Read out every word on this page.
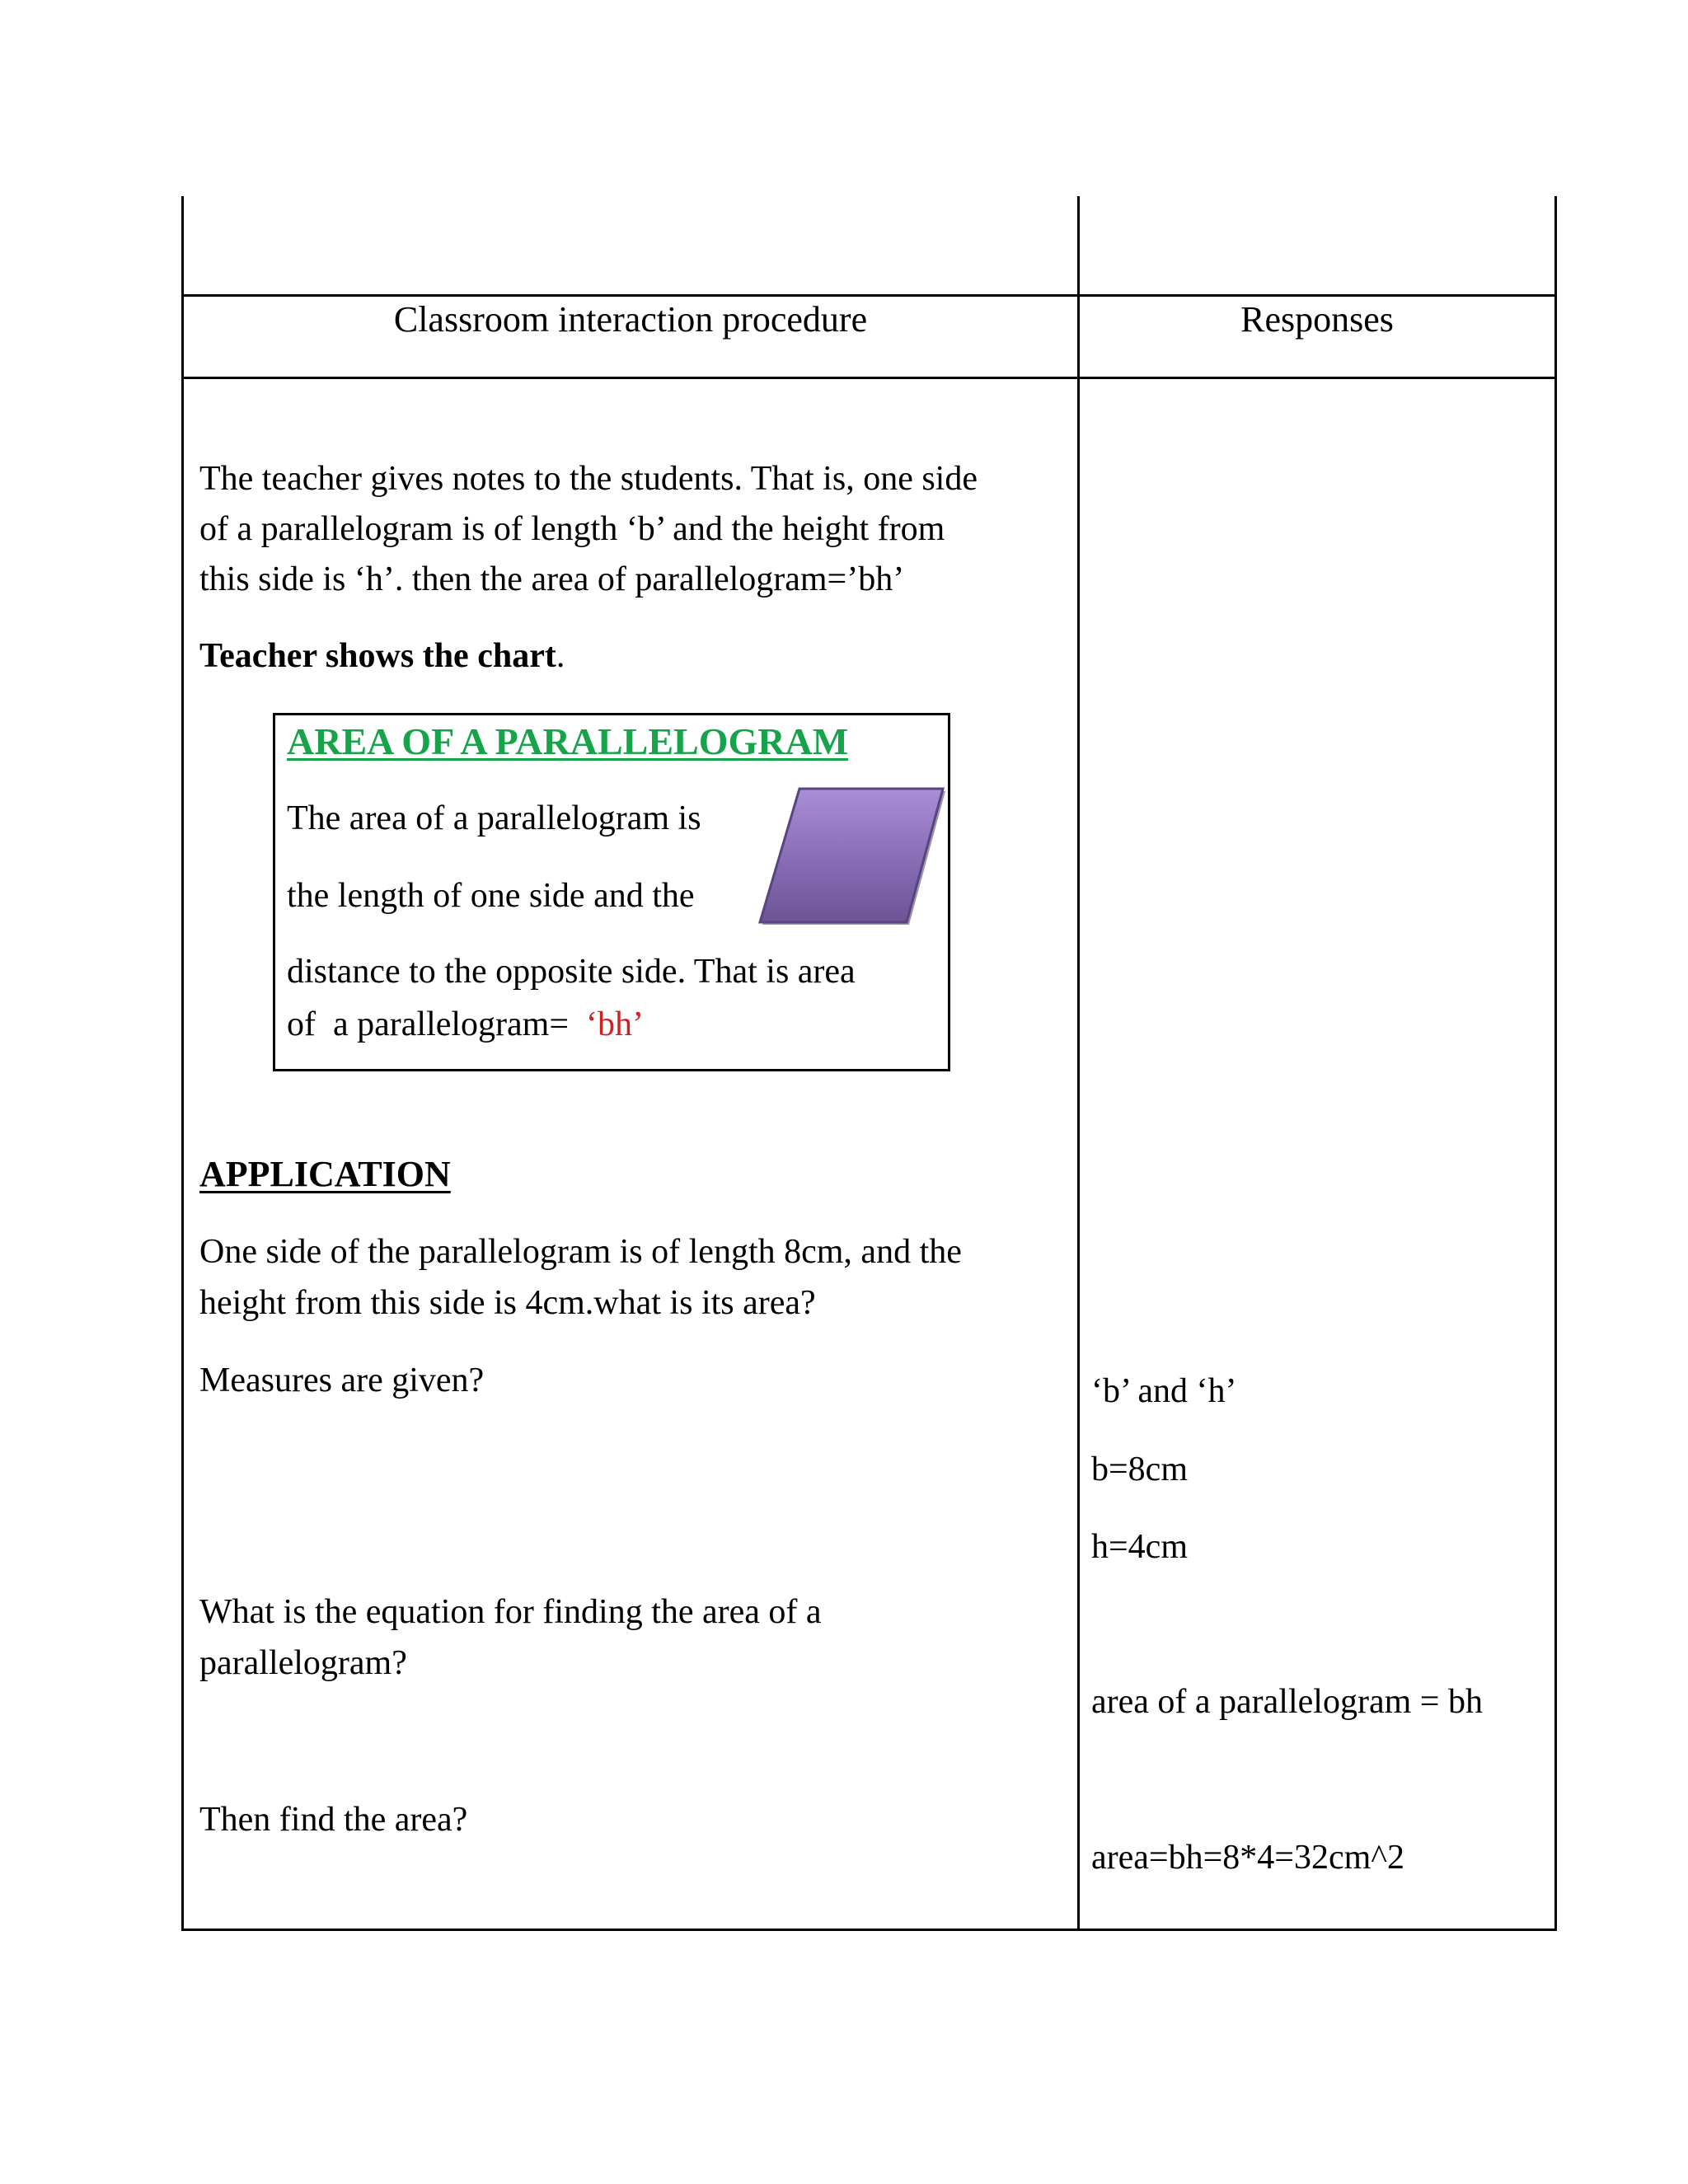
Classroom interaction procedure	Responses
The teacher gives notes to the students. That is, one side
of a parallelogram is of length ‘b’ and the height from
this side is ‘h’. then the area of parallelogram=’bh’
Teacher shows the chart.
AREA OF A PARALLELOGRAM
The area of a parallelogram is
the length of one side and the
distance to the opposite side. That is area
of  a parallelogram=  ‘bh’
APPLICATION
One side of the parallelogram is of length 8cm, and the
height from this side is 4cm.what is its area?
Measures are given?
What is the equation for finding the area of a
parallelogram?
Then find the area?
‘b’ and ‘h’
b=8cm
h=4cm
area of a parallelogram = bh
area=bh=8*4=32cm^2
